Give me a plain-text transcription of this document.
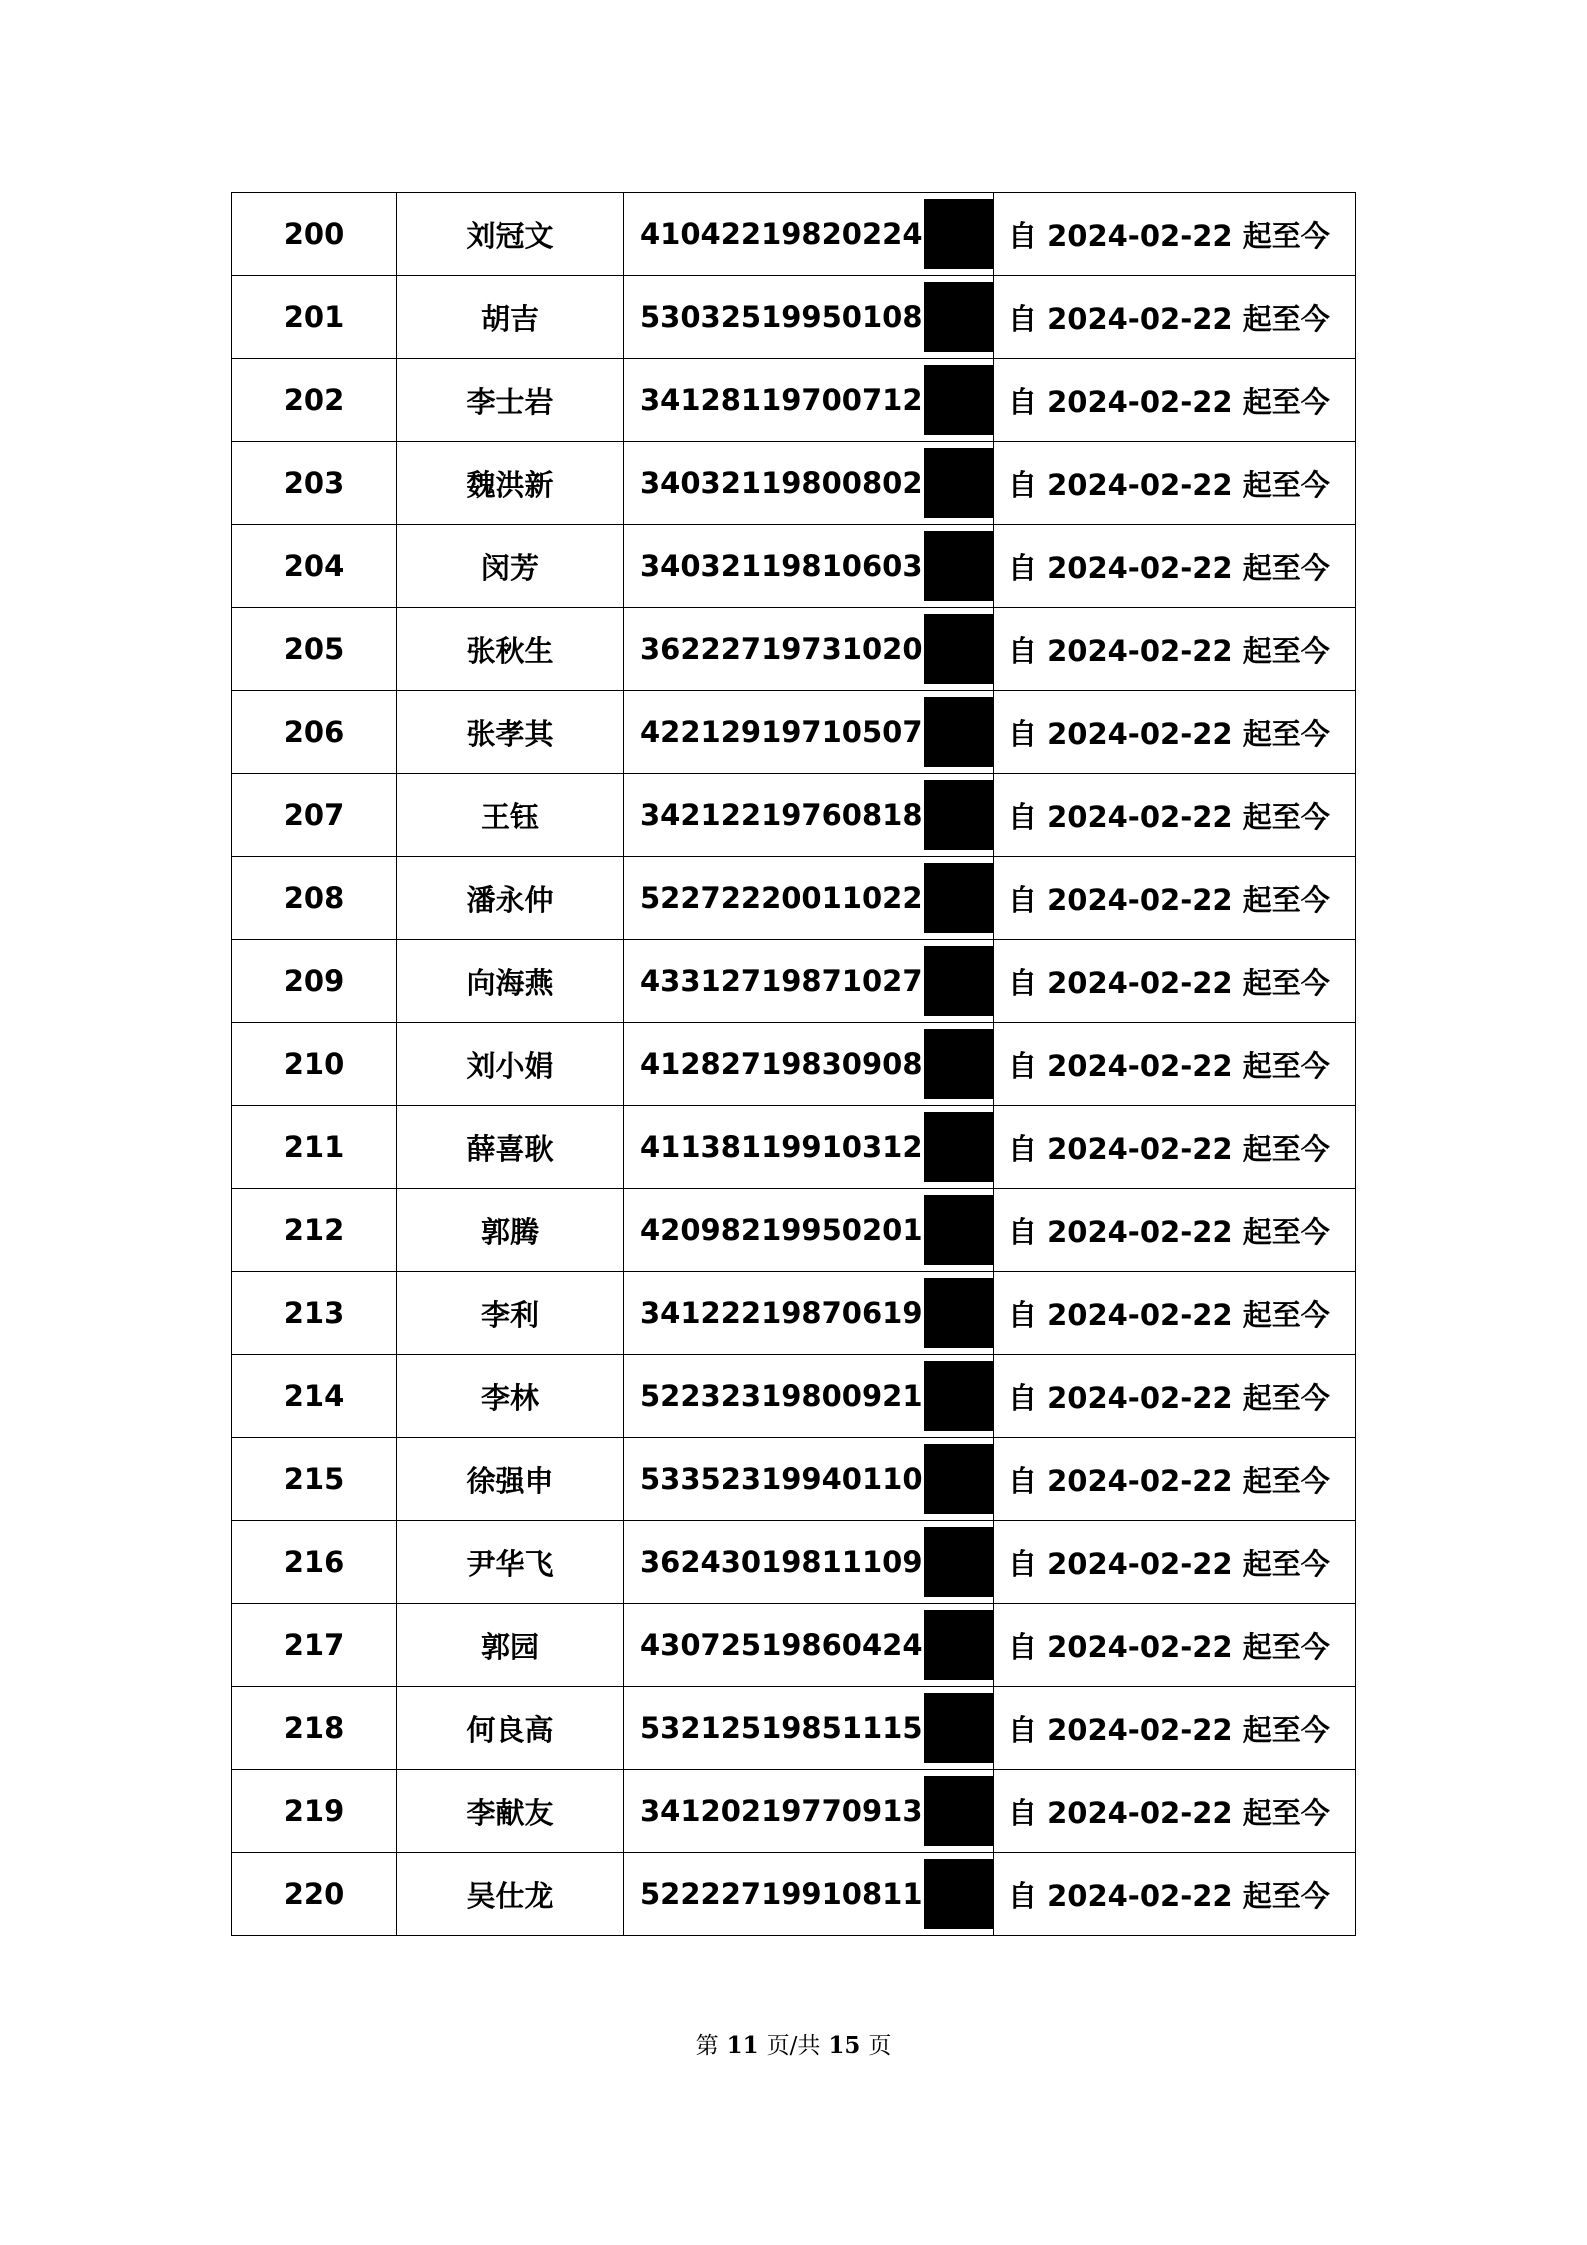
200	刘冠文	41042219820224	自 2024-02-22 起至今
201	胡吉	53032519950108	自 2024-02-22 起至今
202	李士岩	34128119700712	自 2024-02-22 起至今
203	魏洪新	34032119800802	自 2024-02-22 起至今
204	闵芳	34032119810603	自 2024-02-22 起至今
205	张秋生	36222719731020	自 2024-02-22 起至今
206	张孝其	42212919710507	自 2024-02-22 起至今
207	王钰	34212219760818	自 2024-02-22 起至今
208	潘永仲	52272220011022	自 2024-02-22 起至今
209	向海燕	43312719871027	自 2024-02-22 起至今
210	刘小娟	41282719830908	自 2024-02-22 起至今
211	薛喜耿	41138119910312	自 2024-02-22 起至今
212	郭腾	42098219950201	自 2024-02-22 起至今
213	李利	34122219870619	自 2024-02-22 起至今
214	李林	52232319800921	自 2024-02-22 起至今
215	徐强申	53352319940110	自 2024-02-22 起至今
216	尹华飞	36243019811109	自 2024-02-22 起至今
217	郭园	43072519860424	自 2024-02-22 起至今
218	何良高	53212519851115	自 2024-02-22 起至今
219	李献友	34120219770913	自 2024-02-22 起至今
220	吴仕龙	52222719910811	自 2024-02-22 起至今
第 11 页/共 15 页
